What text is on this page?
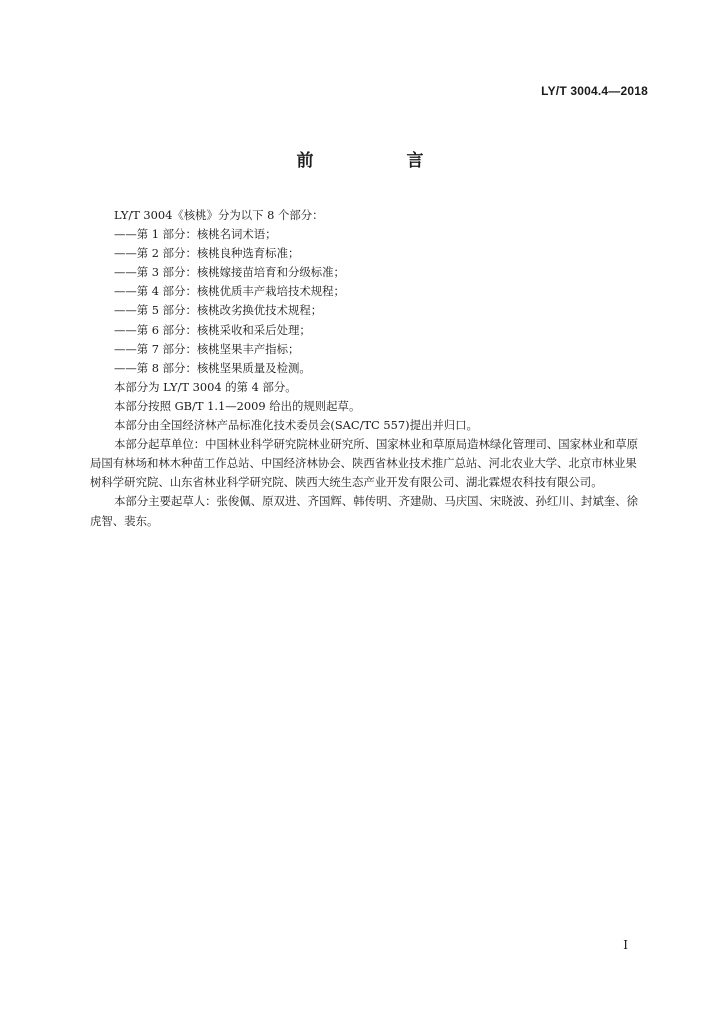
LY/T 3004.4—2018
前　言

LY/T 3004《核桃》分为以下 8 个部分：

——第 1 部分：核桃名词术语；

——第 2 部分：核桃良种选育标准；

——第 3 部分：核桃嫁接苗培育和分级标准；

——第 4 部分：核桃优质丰产栽培技术规程；

——第 5 部分：核桃改劣换优技术规程；

——第 6 部分：核桃采收和采后处理；

——第 7 部分：核桃坚果丰产指标；

——第 8 部分：核桃坚果质量及检测。

本部分为 LY/T 3004 的第 4 部分。

本部分按照 GB/T 1.1—2009 给出的规则起草。

本部分由全国经济林产品标准化技术委员会(SAC/TC 557)提出并归口。

本部分起草单位：中国林业科学研究院林业研究所、国家林业和草原局造林绿化管理司、国家林业和草原局国有林场和林木种苗工作总站、中国经济林协会、陕西省林业技术推广总站、河北农业大学、北京市林业果树科学研究院、山东省林业科学研究院、陕西大统生态产业开发有限公司、湖北霖煜农科技有限公司。

本部分主要起草人：张俊佩、原双进、齐国辉、韩传明、齐建勋、马庆国、宋晓波、孙红川、封斌奎、徐虎智、裴东。

I
